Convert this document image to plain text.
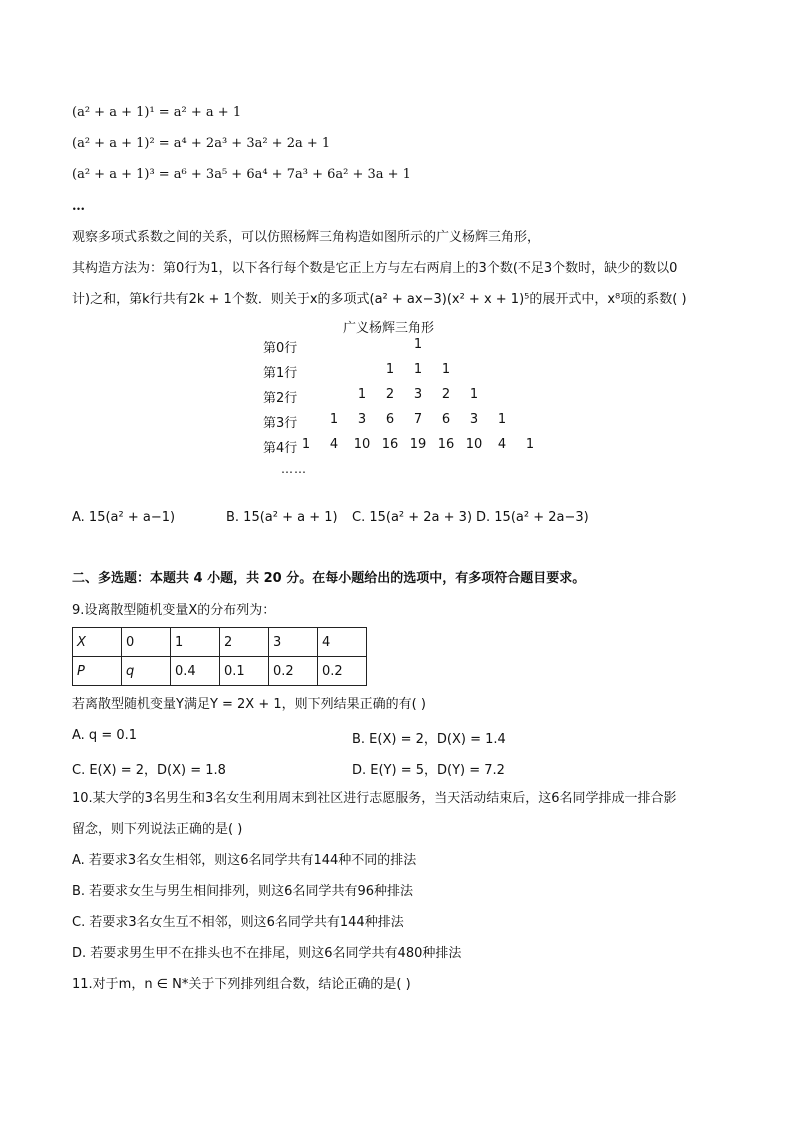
(a² + a + 1)¹ = a² + a + 1
(a² + a + 1)² = a⁴ + 2a³ + 3a² + 2a + 1
(a² + a + 1)³ = a⁶ + 3a⁵ + 6a⁴ + 7a³ + 6a² + 3a + 1
…
观察多项式系数之间的关系，可以仿照杨辉三角构造如图所示的广义杨辉三角形，
其构造方法为：第0行为1，以下各行每个数是它正上方与左右两肩上的3个数(不足3个数时，缺少的数以0
计)之和，第k行共有2k + 1个数．则关于x的多项式(a² + ax−3)(x² + x + 1)⁵的展开式中，x⁸项的系数( )
广义杨辉三角形
第0行	1
第1行	1 1 1
第2行	1 2 3 2 1
第3行	1 3 6 7 6 3 1
第4行 1 4 10 16 19 16 10 4 1
……
A. 15(a² + a−1)	B. 15(a² + a + 1) C. 15(a² + 2a + 3) D. 15(a² + 2a−3)
二、多选题：本题共 4 小题，共 20 分。在每小题给出的选项中，有多项符合题目要求。
9.设离散型随机变量X的分布列为：
X	0	1	2	3	4
P	q	0.4	0.1	0.2	0.2
若离散型随机变量Y满足Y = 2X + 1，则下列结果正确的有( )
A. q = 0.1	B. E(X) = 2，D(X) = 1.4
C. E(X) = 2，D(X) = 1.8	D. E(Y) = 5，D(Y) = 7.2
10.某大学的3名男生和3名女生利用周末到社区进行志愿服务，当天活动结束后，这6名同学排成一排合影
留念，则下列说法正确的是( )
A. 若要求3名女生相邻，则这6名同学共有144种不同的排法
B. 若要求女生与男生相间排列，则这6名同学共有96种排法
C. 若要求3名女生互不相邻，则这6名同学共有144种排法
D. 若要求男生甲不在排头也不在排尾，则这6名同学共有480种排法
11.对于m，n ∈ N*关于下列排列组合数，结论正确的是( )
